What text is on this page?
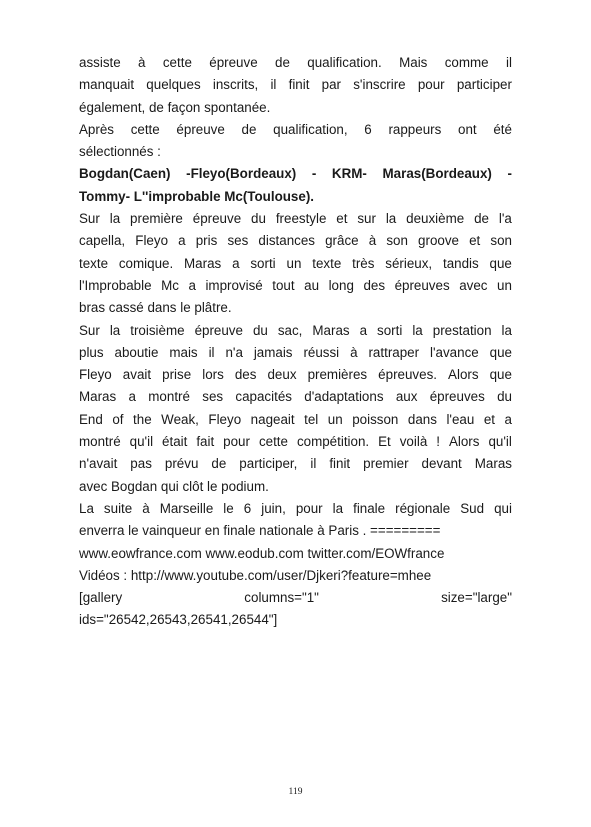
assiste à cette épreuve de qualification. Mais comme il
manquait quelques inscrits, il finit par s'inscrire pour participer
également, de façon spontanée.

Après cette épreuve de qualification, 6 rappeurs ont été
sélectionnés :

Bogdan(Caen) -Fleyo(Bordeaux) - KRM- Maras(Bordeaux) -
Tommy- L''improbable Mc(Toulouse).

Sur la première épreuve du freestyle et sur la deuxième de l'a
capella, Fleyo a pris ses distances grâce à son groove et son
texte comique. Maras a sorti un texte très sérieux, tandis que
l'Improbable Mc a improvisé tout au long des épreuves avec un
bras cassé dans le plâtre.

Sur la troisième épreuve du sac, Maras a sorti la prestation la
plus aboutie mais il n'a jamais réussi à rattraper l'avance que
Fleyo avait prise lors des deux premières épreuves. Alors que
Maras a montré ses capacités d'adaptations aux épreuves du
End of the Weak, Fleyo nageait tel un poisson dans l'eau et a
montré qu'il était fait pour cette compétition. Et voilà ! Alors qu'il
n'avait pas prévu de participer, il finit premier devant Maras
avec Bogdan qui clôt le podium.

La suite à Marseille le 6 juin, pour la finale régionale Sud qui
enverra le vainqueur en finale nationale à Paris . =========
www.eowfrance.com www.eodub.com twitter.com/EOWfrance
Vidéos : http://www.youtube.com/user/Djkeri?feature=mhee
[gallery	columns="1"	size="large"
ids="26542,26543,26541,26544"]

119
